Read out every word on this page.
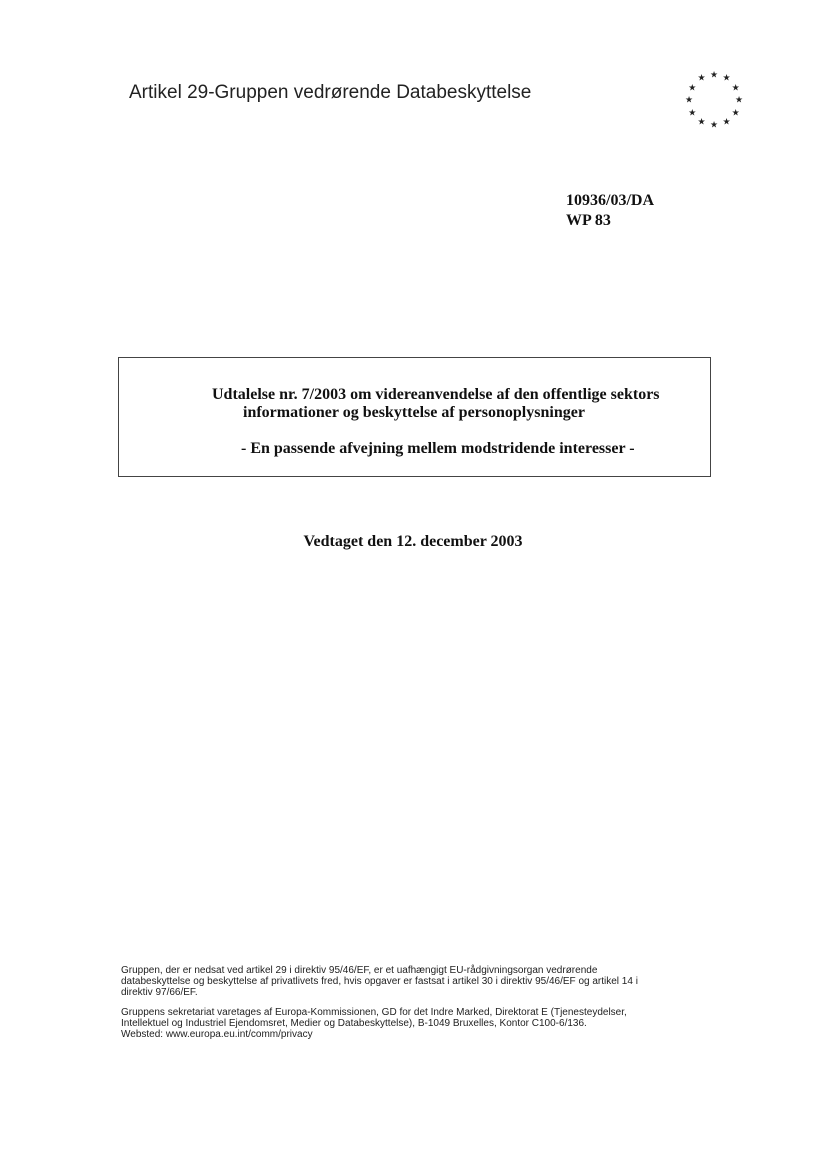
Artikel 29-Gruppen vedrørende Databeskyttelse
★ ★
★
★
★
★
★
★
★
★
★
★
10936/03/DA
WP 83
Udtalelse nr. 7/2003 om videreanvendelse af den offentlige sektors
informationer og beskyttelse af personoplysninger
- En passende afvejning mellem modstridende interesser -
Vedtaget den 12. december 2003

Gruppen, der er nedsat ved artikel 29 i direktiv 95/46/EF, er et uafhængigt EU-rådgivningsorgan vedrørende
databeskyttelse og beskyttelse af privatlivets fred, hvis opgaver er fastsat i artikel 30 i direktiv 95/46/EF og artikel 14 i
direktiv 97/66/EF.

Gruppens sekretariat varetages af Europa-Kommissionen, GD for det Indre Marked, Direktorat E (Tjenesteydelser,
Intellektuel og Industriel Ejendomsret, Medier og Databeskyttelse), B-1049 Bruxelles, Kontor C100-6/136.
Websted: www.europa.eu.int/comm/privacy
